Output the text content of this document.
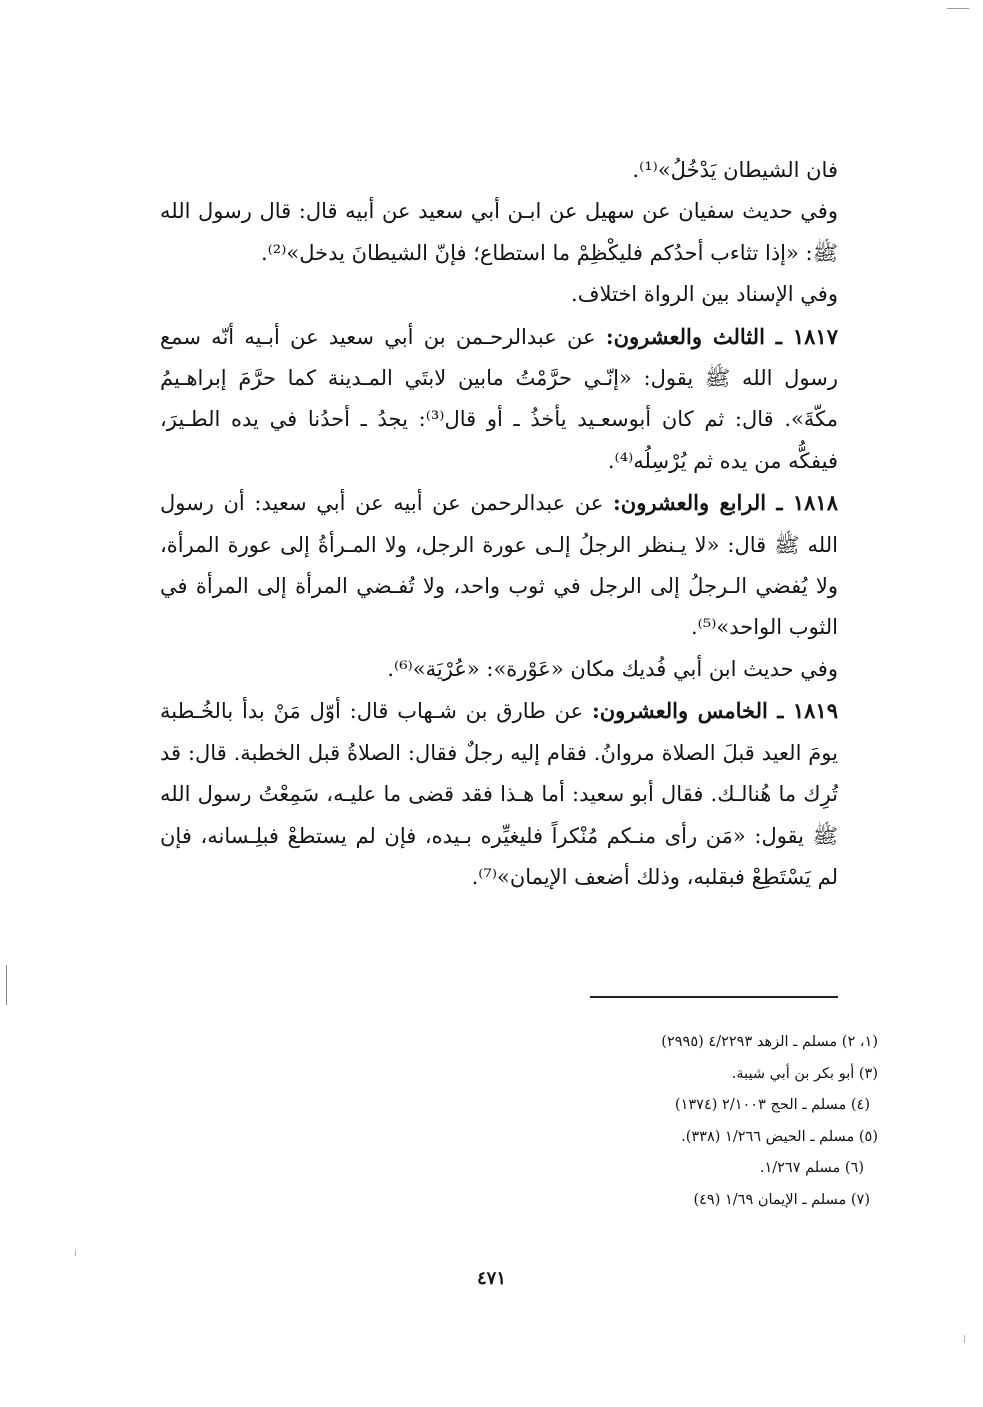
فان الشيطان يَدْخُلُ»⁽¹⁾.

وفي حديث سفيان عن سهيل عن ابـن أبي سعيد عن أبيه قال: قال رسول الله ﷺ: «إذا تثاءب أحدُكم فليكْظِمْ ما استطاع؛ فإنّ الشيطانَ يدخل»⁽²⁾.

وفي الإسناد بين الرواة اختلاف.

١٨١٧ ـ الثالث والعشرون: عن عبدالرحـمن بن أبي سعيد عن أبـيه أنّه سمع رسول الله ﷺ يقول: «إنّـي حرَّمْتُ مابين لابتَي المـدينة كما حرَّمَ إبراهـيمُ مكّةَ». قال: ثم كان أبوسعـيد يأخذُ ـ أو قال⁽³⁾: يجدُ ـ أحدُنا في يده الطـيرَ، فيفكُّه من يده ثم يُرْسِلُه⁽⁴⁾.

١٨١٨ ـ الرابع والعشرون: عن عبدالرحمن عن أبيه عن أبي سعيد: أن رسول الله ﷺ قال: «لا يـنظر الرجلُ إلـى عورة الرجل، ولا المـرأةُ إلى عورة المرأة، ولا يُفضي الـرجلُ إلى الرجل في ثوب واحد، ولا تُفـضي المرأة إلى المرأة في الثوب الواحد»⁽⁵⁾.

وفي حديث ابن أبي فُديك مكان «عَوْرة»: «عُرْيَة»⁽⁶⁾.

١٨١٩ ـ الخامس والعشرون: عن طارق بن شـهاب قال: أوّل مَنْ بدأ بالخُـطبة يومَ العيد قبلَ الصلاة مروانُ. فقام إليه رجلٌ فقال: الصلاةُ قبل الخطبة. قال: قد تُرِك ما هُنالـك. فقال أبو سعيد: أما هـذا فقد قضى ما عليـه، سَمِعْتُ رسول الله ﷺ يقول: «مَن رأى منـكم مُنْكراً فليغيِّره بـيده، فإن لم يستطعْ فبلِـسانه، فإن لم يَسْتَطِعْ فبقلبه، وذلك أضعف الإيمان»⁽⁷⁾.

(١، ٢) مسلم ـ الزهد ٤/٢٢٩٣ (٢٩٩٥)

(٣) أبو بكر بن أبي شيبة.

(٤) مسلم ـ الحج ٢/١٠٠٣ (١٣٧٤)

(٥) مسلم ـ الحيض ١/٢٦٦ (٣٣٨).

(٦) مسلم ١/٢٦٧.

(٧) مسلم ـ الإيمان ١/٦٩ (٤٩)

٤٧١
